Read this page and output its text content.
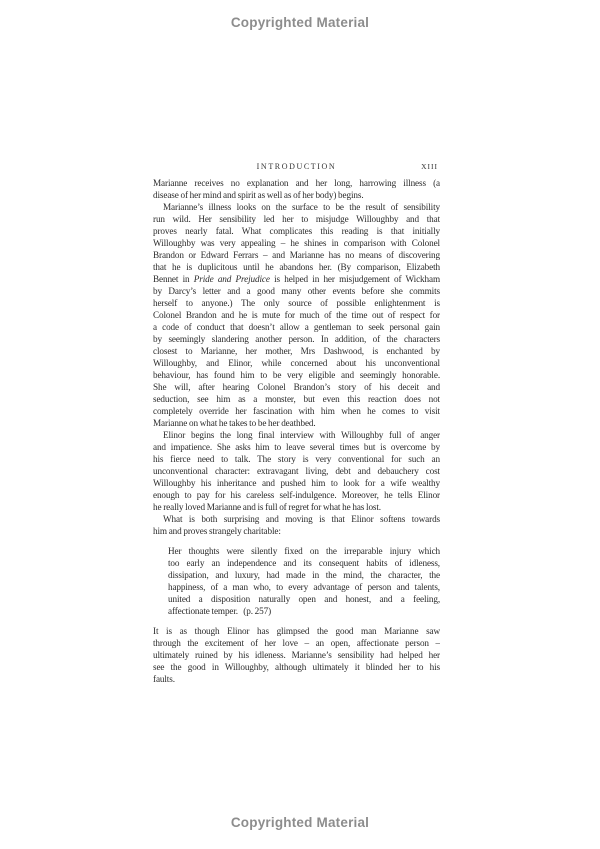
Copyrighted Material
INTRODUCTION	XIII
Marianne receives no explanation and her long, harrowing illness (a
disease of her mind and spirit as well as of her body) begins.
Marianne’s illness looks on the surface to be the result of sensibility
run wild. Her sensibility led her to misjudge Willoughby and that
proves nearly fatal. What complicates this reading is that initially
Willoughby was very appealing – he shines in comparison with Colonel
Brandon or Edward Ferrars – and Marianne has no means of discovering
that he is duplicitous until he abandons her. (By comparison, Elizabeth
Bennet in Pride and Prejudice is helped in her misjudgement of Wickham
by Darcy’s letter and a good many other events before she commits
herself to anyone.) The only source of possible enlightenment is
Colonel Brandon and he is mute for much of the time out of respect for
a code of conduct that doesn’t allow a gentleman to seek personal gain
by seemingly slandering another person. In addition, of the characters
closest to Marianne, her mother, Mrs Dashwood, is enchanted by
Willoughby, and Elinor, while concerned about his unconventional
behaviour, has found him to be very eligible and seemingly honorable.
She will, after hearing Colonel Brandon’s story of his deceit and
seduction, see him as a monster, but even this reaction does not
completely override her fascination with him when he comes to visit
Marianne on what he takes to be her deathbed.
Elinor begins the long final interview with Willoughby full of anger
and impatience. She asks him to leave several times but is overcome by
his fierce need to talk. The story is very conventional for such an
unconventional character: extravagant living, debt and debauchery cost
Willoughby his inheritance and pushed him to look for a wife wealthy
enough to pay for his careless self-indulgence. Moreover, he tells Elinor
he really loved Marianne and is full of regret for what he has lost.
What is both surprising and moving is that Elinor softens towards
him and proves strangely charitable:
Her thoughts were silently fixed on the irreparable injury which
too early an independence and its consequent habits of idleness,
dissipation, and luxury, had made in the mind, the character, the
happiness, of a man who, to every advantage of person and talents,
united a disposition naturally open and honest, and a feeling,
affectionate temper.   (p. 257)
It is as though Elinor has glimpsed the good man Marianne saw
through the excitement of her love – an open, affectionate person –
ultimately ruined by his idleness. Marianne’s sensibility had helped her
see the good in Willoughby, although ultimately it blinded her to his
faults.
Copyrighted Material
